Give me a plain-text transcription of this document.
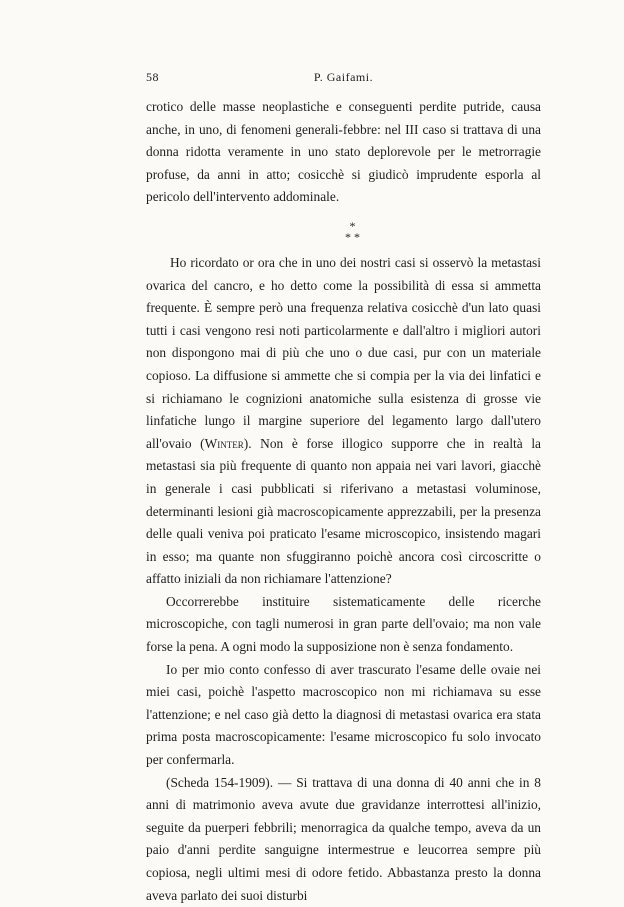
58	P. Gaifami.

crotico delle masse neoplastiche e conseguenti perdite putride, causa anche, in uno, di fenomeni generali-febbre: nel III caso si trattava di una donna ridotta veramente in uno stato deplorevole per le metrorragie profuse, da anni in atto; cosicchè si giudicò imprudente esporla al pericolo dell'intervento addominale.

*
* *

Ho ricordato or ora che in uno dei nostri casi si osservò la metastasi ovarica del cancro, e ho detto come la possibilità di essa si ammetta frequente. È sempre però una frequenza relativa cosicchè d'un lato quasi tutti i casi vengono resi noti particolarmente e dall'altro i migliori autori non dispongono mai di più che uno o due casi, pur con un materiale copioso. La diffusione si ammette che si compia per la via dei linfatici e si richiamano le cognizioni anatomiche sulla esistenza di grosse vie linfatiche lungo il margine superiore del legamento largo dall'utero all'ovaio (Winter). Non è forse illogico supporre che in realtà la metastasi sia più frequente di quanto non appaia nei vari lavori, giacchè in generale i casi pubblicati si riferivano a metastasi voluminose, determinanti lesioni già macroscopicamente apprezzabili, per la presenza delle quali veniva poi praticato l'esame microscopico, insistendo magari in esso; ma quante non sfuggiranno poichè ancora così circoscritte o affatto iniziali da non richiamare l'attenzione?

Occorrerebbe instituire sistematicamente delle ricerche microscopiche, con tagli numerosi in gran parte dell'ovaio; ma non vale forse la pena. A ogni modo la supposizione non è senza fondamento.

Io per mio conto confesso di aver trascurato l'esame delle ovaie nei miei casi, poichè l'aspetto macroscopico non mi richiamava su esse l'attenzione; e nel caso già detto la diagnosi di metastasi ovarica era stata prima posta macroscopicamente: l'esame microscopico fu solo invocato per confermarla.

(Scheda 154-1909). — Si trattava di una donna di 40 anni che in 8 anni di matrimonio aveva avute due gravidanze interrottesi all'inizio, seguite da puerperi febbrili; menorragica da qualche tempo, aveva da un paio d'anni perdite sanguigne intermestrue e leucorrea sempre più copiosa, negli ultimi mesi di odore fetido. Abbastanza presto la donna aveva parlato dei suoi disturbi
